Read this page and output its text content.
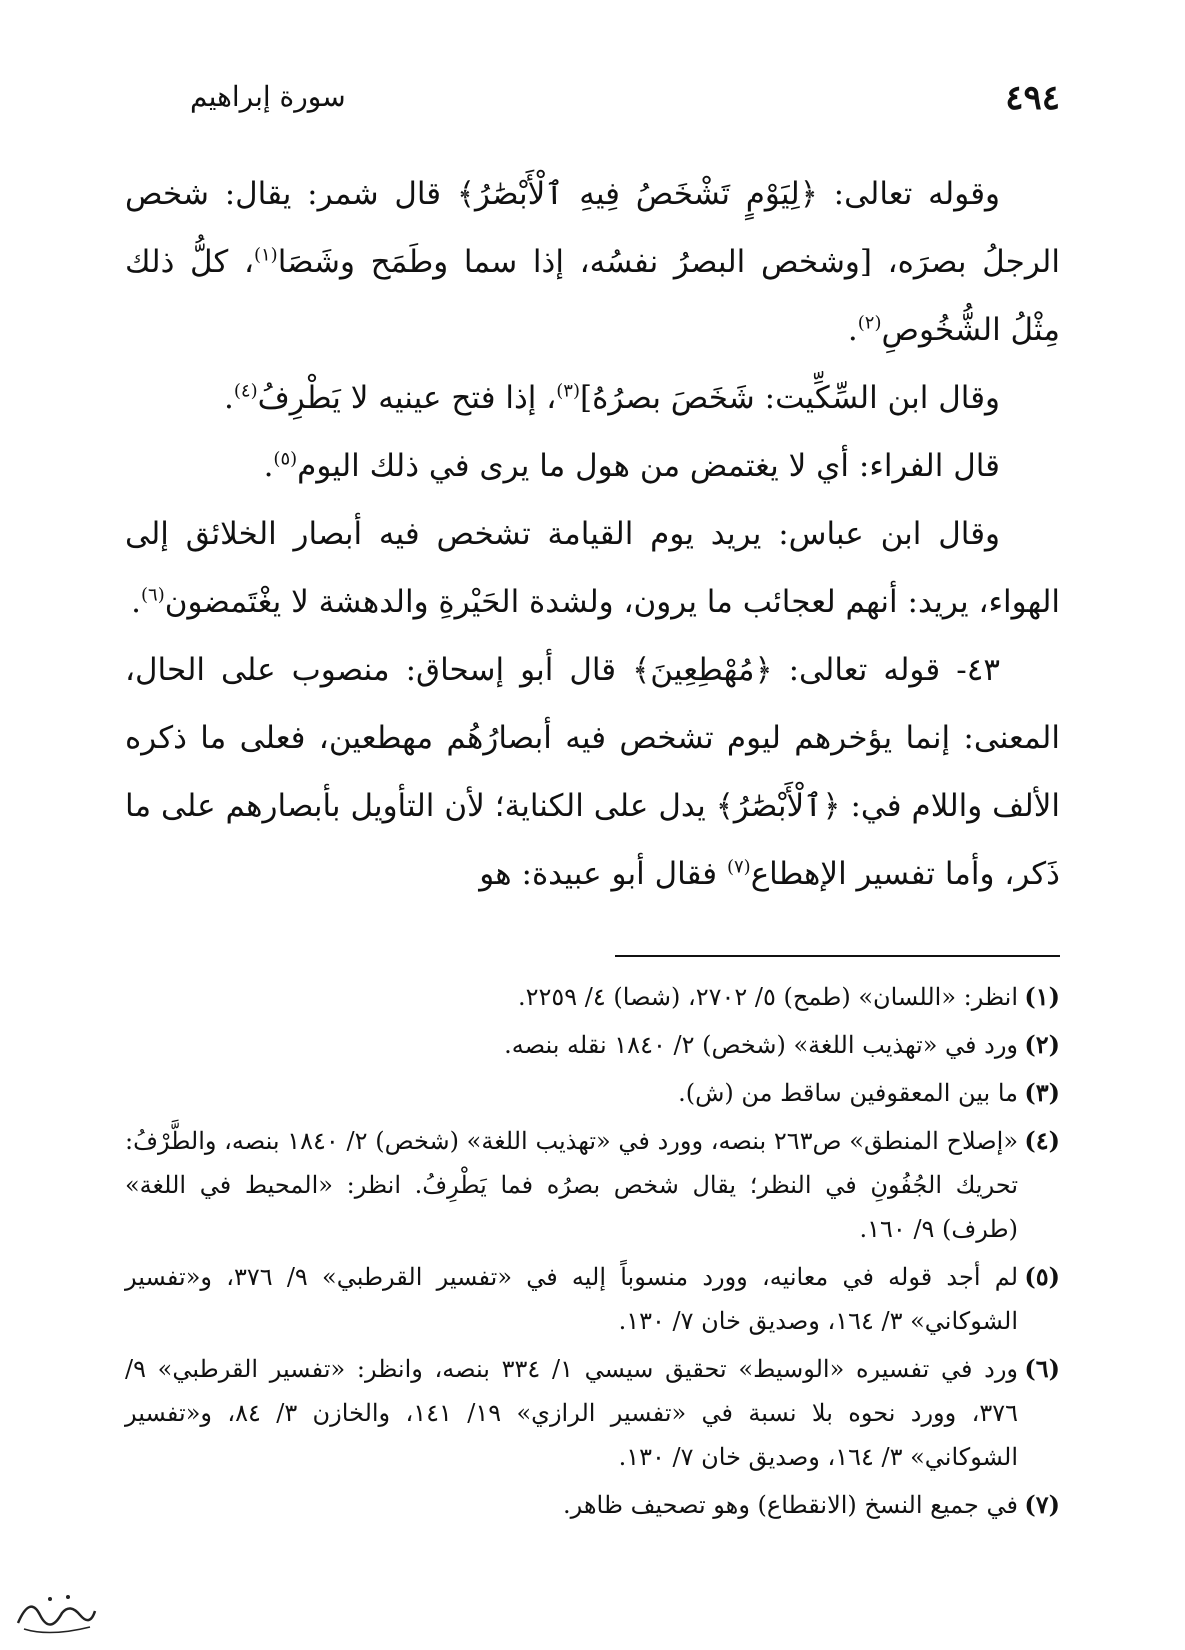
٤٩٤
سورة إبراهيم

وقوله تعالى: ﴿لِيَوْمٍ تَشْخَصُ فِيهِ ٱلْأَبْصَٰرُ﴾ قال شمر: يقال: شخص الرجلُ بصرَه، [وشخص البصرُ نفسُه، إذا سما وطَمَح وشَصَا$^{(١)}$، كلُّ ذلك مِثْلُ الشُّخُوصِ$^{(٢)}$.

وقال ابن السِّكِّيت: شَخَصَ بصرُهُ]$^{(٣)}$، إذا فتح عينيه لا يَطْرِفُ$^{(٤)}$.

قال الفراء: أي لا يغتمض من هول ما يرى في ذلك اليوم$^{(٥)}$.

وقال ابن عباس: يريد يوم القيامة تشخص فيه أبصار الخلائق إلى الهواء، يريد: أنهم لعجائب ما يرون، ولشدة الحَيْرةِ والدهشة لا يغْتَمضون$^{(٦)}$.

٤٣- قوله تعالى: ﴿مُهْطِعِينَ﴾ قال أبو إسحاق: منصوب على الحال، المعنى: إنما يؤخرهم ليوم تشخص فيه أبصارُهُم مهطعين، فعلى ما ذكره الألف واللام في: ﴿ٱلْأَبْصَٰرُ﴾ يدل على الكناية؛ لأن التأويل بأبصارهم على ما ذَكر، وأما تفسير الإهطاع$^{(٧)}$ فقال أبو عبيدة: هو

(١)
انظر: «اللسان» (طمح) ٥/ ٢٧٠٢، (شصا) ٤/ ٢٢٥٩.
(٢)
ورد في «تهذيب اللغة» (شخص) ٢/ ١٨٤٠ نقله بنصه.
(٣)
ما بين المعقوفين ساقط من (ش).
(٤)
«إصلاح المنطق» ص٢٦٣ بنصه، وورد في «تهذيب اللغة» (شخص) ٢/ ١٨٤٠ بنصه، والطَّرْفُ: تحريك الجُفُونِ في النظر؛ يقال شخص بصرُه فما يَطْرِفُ. انظر: «المحيط في اللغة» (طرف) ٩/ ١٦٠.
(٥)
لم أجد قوله في معانيه، وورد منسوباً إليه في «تفسير القرطبي» ٩/ ٣٧٦، و«تفسير الشوكاني» ٣/ ١٦٤، وصديق خان ٧/ ١٣٠.
(٦)
ورد في تفسيره «الوسيط» تحقيق سيسي ١/ ٣٣٤ بنصه، وانظر: «تفسير القرطبي» ٩/ ٣٧٦، وورد نحوه بلا نسبة في «تفسير الرازي» ١٩/ ١٤١، والخازن ٣/ ٨٤، و«تفسير الشوكاني» ٣/ ١٦٤، وصديق خان ٧/ ١٣٠.
(٧)
في جميع النسخ (الانقطاع) وهو تصحيف ظاهر.
